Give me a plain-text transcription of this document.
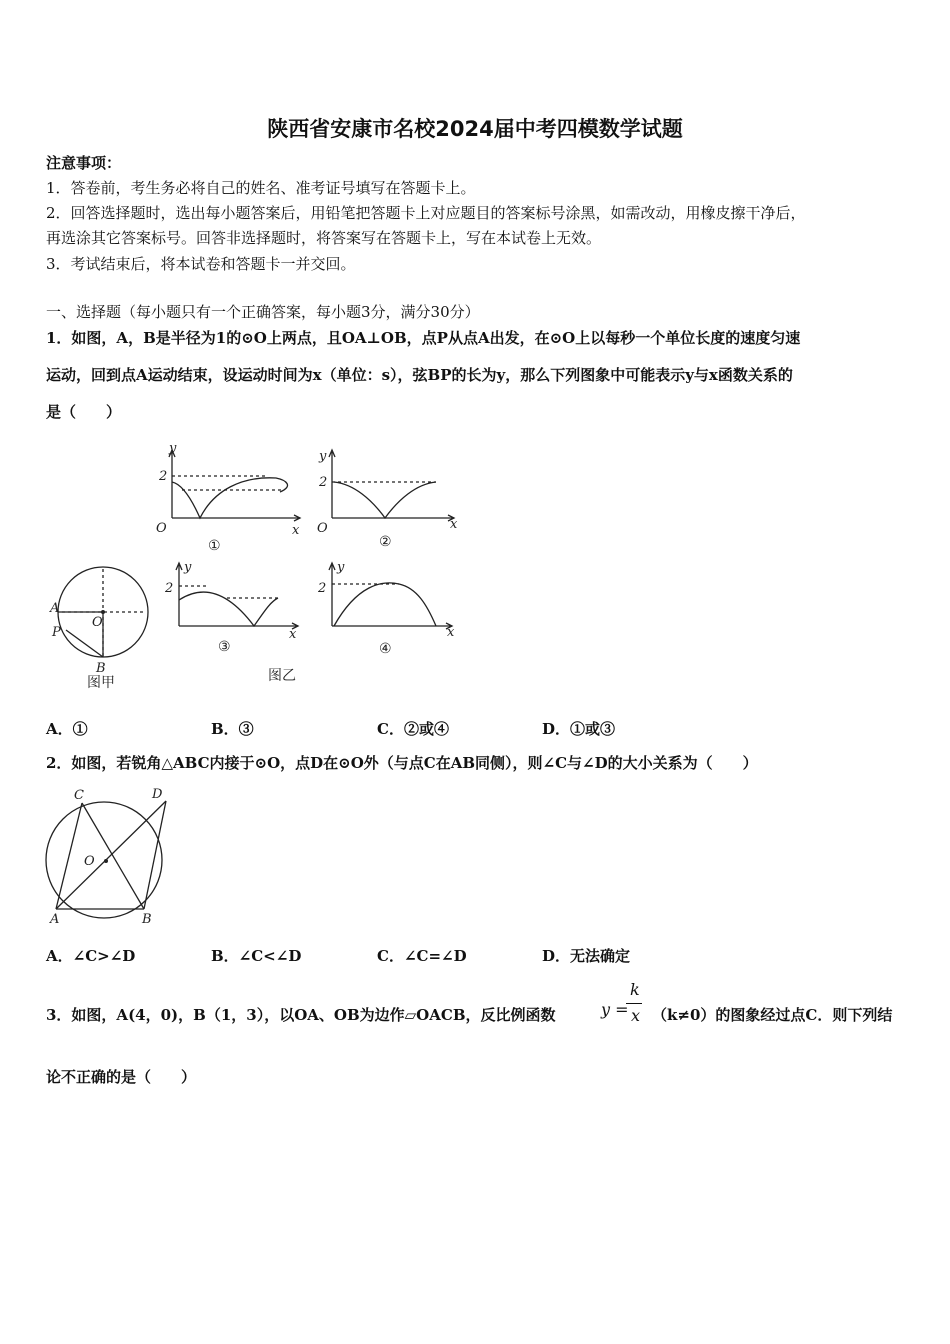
陕西省安康市名校2024届中考四模数学试题
注意事项：
1．答卷前，考生务必将自己的姓名、准考证号填写在答题卡上。
2．回答选择题时，选出每小题答案后，用铅笔把答题卡上对应题目的答案标号涂黑，如需改动，用橡皮擦干净后，
再选涂其它答案标号。回答非选择题时，将答案写在答题卡上，写在本试卷上无效。
3．考试结束后，将本试卷和答题卡一并交回。
一、选择题（每小题只有一个正确答案，每小题3分，满分30分）
1．如图，A，B是半径为1的⊙O上两点，且OA⊥OB，点P从点A出发，在⊙O上以每秒一个单位长度的速度匀速
运动，回到点A运动结束，设运动时间为x（单位：s），弦BP的长为y，那么下列图象中可能表示y与x函数关系的
是（　　）
2
y
O	x
2
y
O	x
2
y
x
2
y
x
A
P
O
B
①	②
③	④
图甲	图乙
A．①	B．③	C．②或④	D．①或③
2．如图，若锐角△ABC内接于⊙O，点D在⊙O外（与点C在AB同侧），则∠C与∠D的大小关系为（　　）
C	D
O
A	B
A．∠C>∠D	B．∠C<∠D	C．∠C=∠D	D．无法确定
3．如图，A(4，0)，B（1，3），以OA、OB为边作▱OACB，反比例函数	y =
k
x （k≠0）的图象经过点C．则下列结
论不正确的是（　　）
